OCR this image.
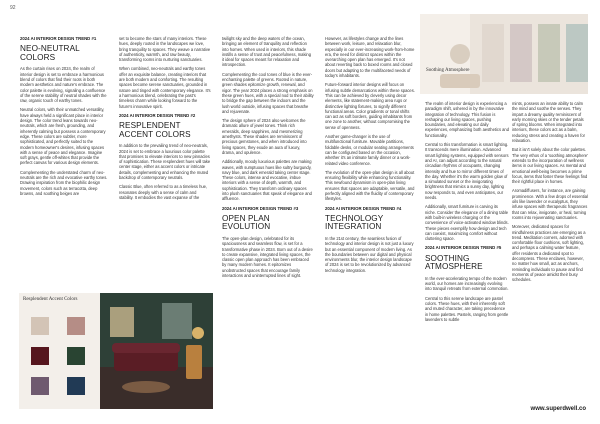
92

2024 AI INTERIOR DESIGN TREND #1

NEO-NEUTRAL COLORS

As the curtain rises on 2024, the realm of interior design is set to embrace a harmonious blend of colors that find their roots in both modern aesthetics and nature's embrace. The color palette is evolving, signaling a confluence of the serene stability of neutral shades with the raw, organic touch of earthy tones.

Neutral colors, with their unmatched versatility, have always held a significant place in interior design. The color trend leans towards neo-neutrals, which are fresh, grounding, and inherently calming but possess a contemporary edge. These colors are subtler, more sophisticated, and perfectly suited to the modern homeowner's desires, infusing spaces with a sense of peace and elegance. Imagine soft grays, gentle off-whites that provide the perfect canvas for various design elements.

Complementing the understated charm of neo-neutrals are the rich and evocative earthy tones. Drawing inspiration from the biophilic design movement, colors such as terracotta, deep browns, and soothing beiges are

Resplendent Accent Colors

set to become the stars of many interiors. These hues, deeply rooted in the landscapes we love, bring tranquility to spaces. They weave a narrative of authenticity, warmth, and raw beauty, transforming rooms into nurturing sanctuaries.

When combined, neo-neutrals and earthy tones offer an exquisite balance, creating interiors that are both modern and comforting. The resulting spaces become serene sanctuaries, grounded in nature and tinged with contemporary elegance. It's a harmonious blend, celebrating the past's timeless charm while looking forward to the future's innovative spirit.

2024 AI INTERIOR DESIGN TREND #2

RESPLENDENT ACCENT COLORS

In addition to the prevailing trend of neo-neutrals, 2024 is set to embrace a luxurious color palette that promises to elevate interiors to new pinnacles of sophistication. These resplendent hues will take center stage, either as accent colors or intricate details, complementing and enhancing the muted backdrop of contemporary neutrals.

Classic Blue, often referred to as a timeless hue, resonates deeply with a sense of calm and stability. It embodies the vast expanse of the

twilight sky and the deep waters of the ocean, bringing an element of tranquility and reflection into homes. When used in interiors, this shade instills a sense of trust and peacefulness, making it ideal for spaces meant for relaxation and introspection.

Complementing the cool tones of blue is the ever-enchanting palette of greens. Rooted in nature, green shades epitomize growth, renewal, and vigor. The year 2024 places a strong emphasis on these green hues, with a special nod to their ability to bridge the gap between the indoors and the lush world outside, infusing spaces that breathe and rejuvenate.

The design sphere of 2024 also welcomes the dramatic allure of jewel tones. Think rich emeralds, deep sapphires, and mesmerizing amethysts. These shades are reminiscent of precious gemstones, and when introduced into living spaces, they exude an aura of luxury, drama, and opulence.

Additionally, moody luxurious palettes are making waves, with sumptuous hues like sultry burgundy, navy blue, and dark emerald taking center stage. These colors, intense and evocative, imbue interiors with a sense of depth, warmth, and sophistication. They transform ordinary spaces into plush sanctuaries that speak of elegance and affluence.

2024 AI INTERIOR DESIGN TREND #3

OPEN PLAN EVOLUTION

The open-plan design, celebrated for its spaciousness and seamless flow, is set for a transformative phase in 2024. Born out of a desire to create expansive, integrated living spaces, the classic open plan approach has been embraced by many modern homes. It epitomizes unobstructed spaces that encourage family interactions and uninterrupted lines of sight.

However, as lifestyles change and the lines between work, leisure, and relaxation blur, especially in our ever-increasing work-from-home era, the need for distinct spaces within the overarching open plan has emerged. It's not about reverting back to boxed rooms and closed doors but adapting to the multifaceted needs of today's inhabitants.

Future-forward interior designs will focus on infusing subtle demarcations within these spaces. This can be achieved by cleverly using decor elements, like statement-making area rugs or distinctive lighting fixtures, to signify different functional areas. Color gradients or tonal shifts can act as soft borders, guiding inhabitants from one zone to another, without compromising the sense of openness.

Another game-changer is the use of multifunctional furniture. Movable partitions, foldable desks, or modular seating arrangements can be configured based on the occasion, whether it's an intimate family dinner or a work-related video conference.

The evolution of the open-plan design is all about ensuring flexibility while enhancing functionality. This newfound dynamism in open-plan living ensures that spaces are adaptable, versatile, and perfectly aligned with the fluidity of contemporary lifestyles.

2024 AI INTERIOR DESIGN TREND #4

TECHNOLOGY INTEGRATION

In the 21st century, the seamless fusion of technology and interior design is not just a luxury but an essential component of modern living. As the boundaries between our digital and physical environments blur, the interior design landscape of 2024 is set to be revolutionized by advanced technology integration.

Soothing Atmosphere

The realm of interior design is experiencing a paradigm shift, ushered in by the innovative integration of technology. This fusion is reshaping our living spaces, pushing boundaries, and elevating our daily experiences, emphasizing both aesthetics and functionality.

Central to this transformation is smart lighting. It transcends mere illumination. Advanced smart lighting systems, equipped with sensors and AI, can adjust according to the natural circadian rhythms of occupants, changing intensity and hue to mirror different times of the day. Whether it's the warm golden glow of a simulated sunset or the invigorating brightness that mimics a sunny day, lighting now responds to, and even anticipates, our needs.

Additionally, smart furniture is carving its niche. Consider the elegance of a dining table with built-in wireless charging or the convenience of voice-activated window blinds. These pieces exemplify how design and tech can coexist, maximizing comfort without cluttering space.

2024 AI INTERIOR DESIGN TREND #5

SOOTHING ATMOSPHERE

In the ever-accelerating tempo of the modern world, our homes are increasingly evolving into tranquil retreats from external commotion.

Central to this serene landscape are pastel colors. These hues, with their inherently soft and muted character, are taking precedence in home palettes. Pastels, ranging from gentle lavenders to subtle

mints, possess an innate ability to calm the mind and soothe the senses. They impart a dreamy quality reminiscent of early morning skies or the tender petals of spring blooms. When integrated into interiors, these colors act as a balm, reducing stress and creating a haven for relaxation.

But it isn't solely about the color palettes. The very ethos of a 'soothing atmosphere' extends to the incorporation of wellness items in our living spaces. As mental and emotional well-being becomes a prime focus, items that foster these feelings find their rightful place in homes.

Aromadiffusers, for instance, are gaining prominence. With a few drops of essential oils like lavender or eucalyptus, they infuse spaces with therapeutic fragrances that can relax, invigorate, or heal, turning rooms into rejuvenating sanctuaries.

Moreover, dedicated spaces for mindfulness practices are emerging as a trend. Meditation corners, adorned with comfortable floor cushions, soft lighting, and perhaps a calming water feature, offer residents a dedicated spot to decompress. These enclaves, however, no matter how small, act as anchors, reminding individuals to pause and find moments of peace amidst their busy schedules.

www.superdwell.co
